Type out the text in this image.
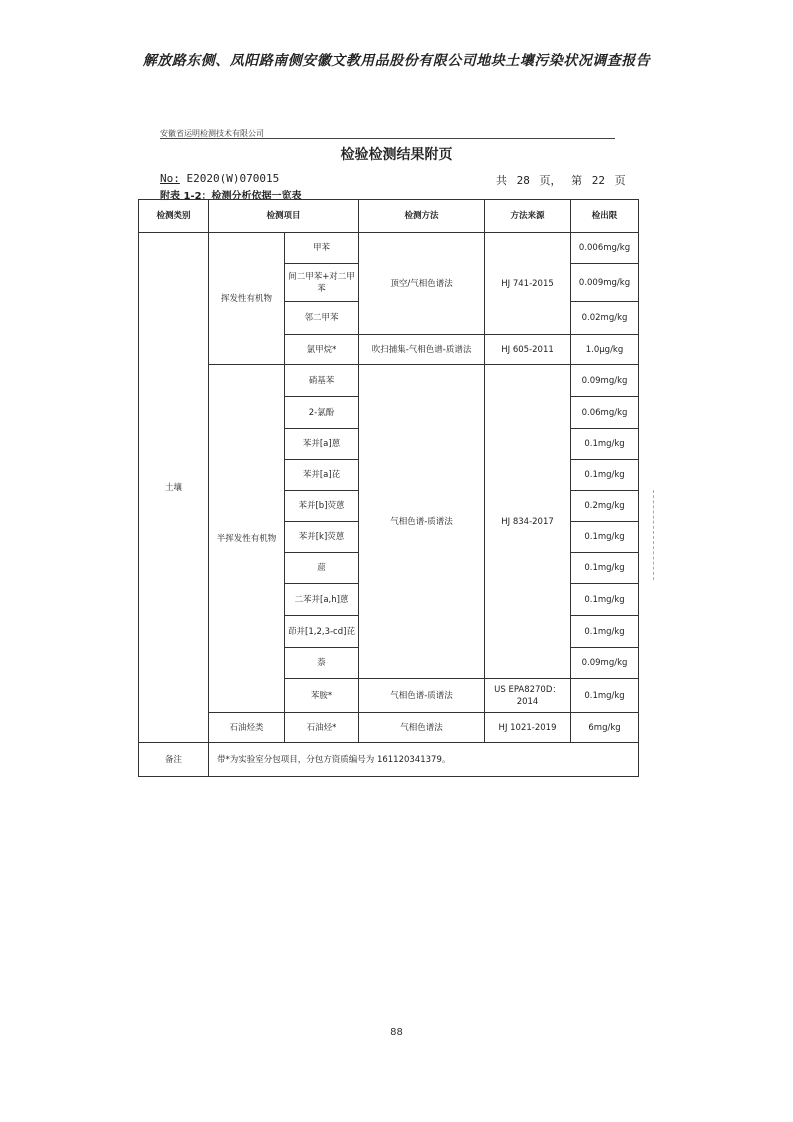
解放路东侧、凤阳路南侧安徽文教用品股份有限公司地块土壤污染状况调查报告
安徽省运明检测技术有限公司
检验检测结果附页
No: E2020(W)070015	共 28 页， 第 22 页
附表 1-2：检测分析依据一览表
检测类别	检测项目		检测方法	方法来源	检出限
土壤	挥发性有机物	甲苯	顶空/气相色谱法	HJ 741-2015	0.006mg/kg
		间二甲苯+对二甲苯			0.009mg/kg
		邻二甲苯			0.02mg/kg
		氯甲烷*	吹扫捕集-气相色谱-质谱法	HJ 605-2011	1.0μg/kg
	半挥发性有机物	硝基苯	气相色谱-质谱法	HJ 834-2017	0.09mg/kg
		2-氯酚			0.06mg/kg
		苯并[a]蒽			0.1mg/kg
		苯并[a]芘			0.1mg/kg
		苯并[b]荧蒽			0.2mg/kg
		苯并[k]荧蒽			0.1mg/kg
		䓛			0.1mg/kg
		二苯并[a,h]蒽			0.1mg/kg
		茚并[1,2,3-cd]芘			0.1mg/kg
		萘			0.09mg/kg
		苯胺*	气相色谱-质谱法	US EPA8270D：2014	0.1mg/kg
	石油烃类	石油烃*	气相色谱法	HJ 1021-2019	6mg/kg
备注	带*为实验室分包项目，分包方资质编号为 161120341379。				
88
